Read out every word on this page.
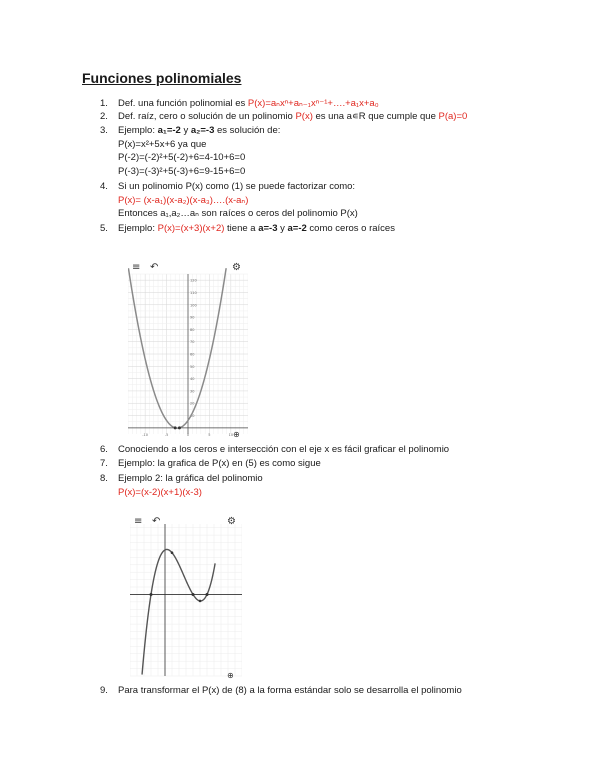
Funciones polinomiales
1. Def. una función polinomial es P(x)=aₙxⁿ+aₙ₋₁xⁿ⁻¹+….+a₁x+a₀
2. Def. raíz, cero o solución de un polinomio P(x) es una a∊R que cumple que P(a)=0
3. Ejemplo: a₁=-2 y a₂=-3 es solución de:
P(x)=x²+5x+6 ya que
P(-2)=(-2)²+5(-2)+6=4-10+6=0
P(-3)=(-3)²+5(-3)+6=9-15+6=0
4. Si un polinomio P(x) como (1) se puede factorizar como:
P(x)= (x-a₁)(x-a₂)(x-a₃)….(x-aₙ)
Entonces a₁,a₂…aₙ son raíces o ceros del polinomio P(x)
5. Ejemplo: P(x)=(x+3)(x+2) tiene a a=-3 y a=-2 como ceros o raíces
6. Conociendo a los ceros e intersección con el eje x es fácil graficar el polinomio
7. Ejemplo: la grafica de P(x) en (5) es como sigue
8. Ejemplo 2: la gráfica del polinomio
P(x)=(x-2)(x+1)(x-3)
9. Para transformar el P(x) de (8) a la forma estándar solo se desarrolla el polinomio
≡ ↶	⚙
-10	-5	0	5	10
120
110
100
90
80
70
60
50
40
30
20
10
⊕
≡ ↶	⚙
⊕
